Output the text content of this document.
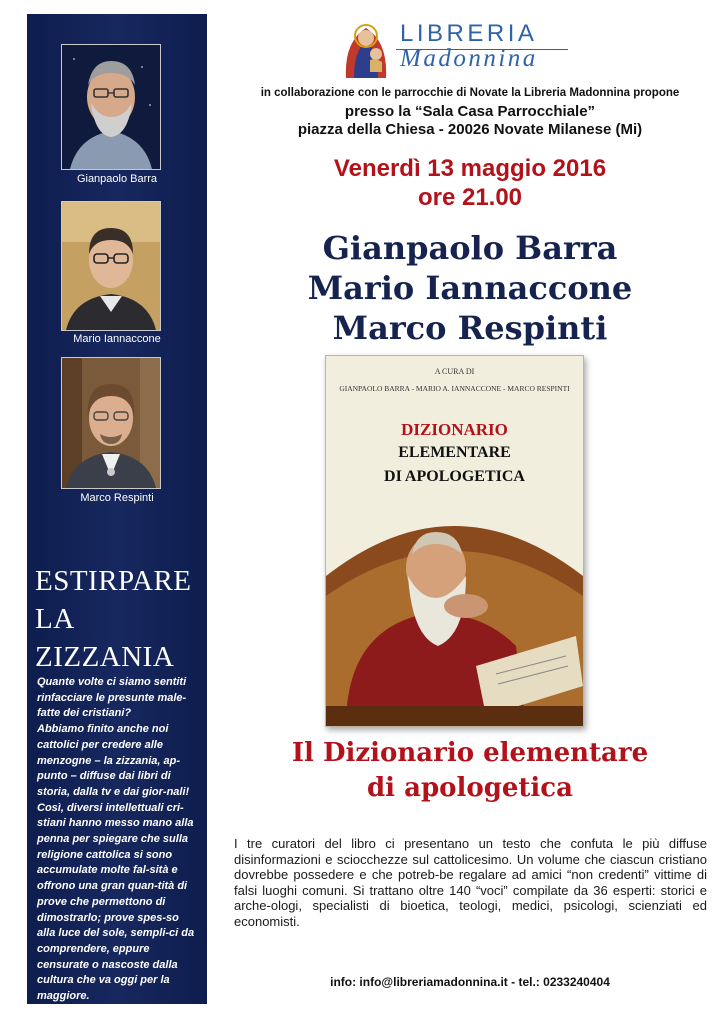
Gianpaolo Barra
Mario Iannaccone
Marco Respinti
ESTIRPARE
LA
ZIZZANIA

Quante volte ci siamo sentiti rinfacciare le presunte male-fatte dei cristiani?

Abbiamo finito anche noi cattolici per credere alle menzogne – la zizzania, ap-punto – diffuse dai libri di storia, dalla tv e dai gior-nali!

Così, diversi intellettuali cri-stiani hanno messo mano alla penna per spiegare che sulla religione cattolica si sono accumulate molte fal-sità e offrono una gran quan-tità di prove che permettono di dimostrarlo; prove spes-so alla luce del sole, sempli-ci da comprendere, eppure censurate o nascoste dalla cultura che va oggi per la maggiore.

LIBRERIA
Madonnina
in collaborazione con le parrocchie di Novate la Libreria Madonnina propone
presso la “Sala Casa Parrocchiale”
piazza della Chiesa - 20026 Novate Milanese (Mi)
Venerdì 13 maggio 2016
ore 21.00
Gianpaolo Barra
Mario Iannaccone
Marco Respinti
A CURA DI
GIANPAOLO BARRA - MARIO A. IANNACCONE - MARCO RESPINTI
DIZIONARIO
ELEMENTARE
DI APOLOGETICA
Il Dizionario elementare
di apologetica
I tre curatori del libro ci presentano un testo che confuta le più diffuse disinformazioni e sciocchezze sul cattolicesimo. Un volume che ciascun cristiano dovrebbe possedere e che potreb-be regalare ad amici “non credenti” vittime di falsi luoghi comuni. Si trattano oltre 140 “voci” compilate da 36 esperti: storici e arche-ologi, specialisti di bioetica, teologi, medici, psicologi, scienziati ed economisti.
info: info@libreriamadonnina.it - tel.: 0233240404
